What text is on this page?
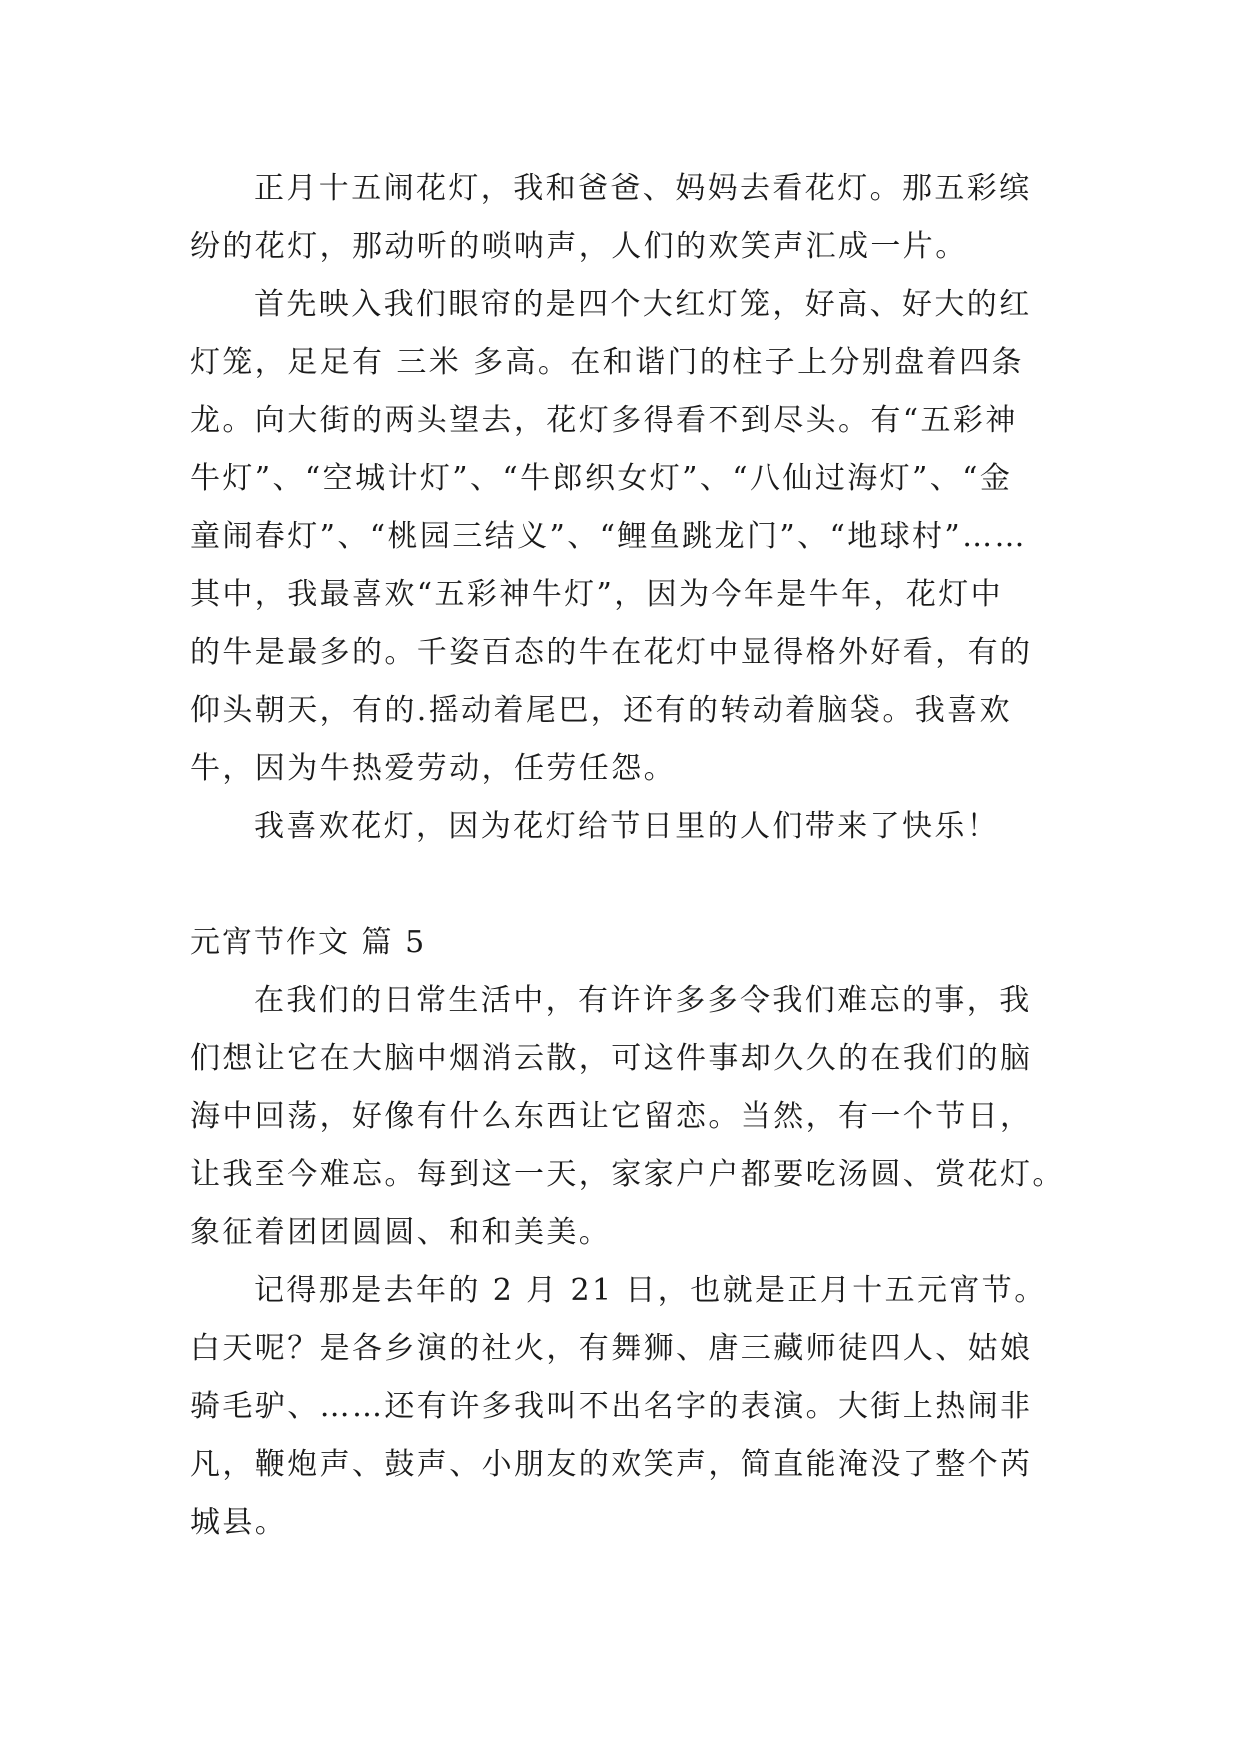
正月十五闹花灯，我和爸爸、妈妈去看花灯。那五彩缤
纷的花灯，那动听的唢呐声，人们的欢笑声汇成一片。
首先映入我们眼帘的是四个大红灯笼，好高、好大的红
灯笼，足足有 三米 多高。在和谐门的柱子上分别盘着四条
龙。向大街的两头望去，花灯多得看不到尽头。有“五彩神
牛灯”、“空城计灯”、“牛郎织女灯”、“八仙过海灯”、“金
童闹春灯”、“桃园三结义”、“鲤鱼跳龙门”、“地球村”……
其中，我最喜欢“五彩神牛灯”，因为今年是牛年，花灯中
的牛是最多的。千姿百态的牛在花灯中显得格外好看，有的
仰头朝天，有的.摇动着尾巴，还有的转动着脑袋。我喜欢
牛，因为牛热爱劳动，任劳任怨。
我喜欢花灯，因为花灯给节日里的人们带来了快乐！
元宵节作文 篇 5
在我们的日常生活中，有许许多多令我们难忘的事，我
们想让它在大脑中烟消云散，可这件事却久久的在我们的脑
海中回荡，好像有什么东西让它留恋。当然，有一个节日，
让我至今难忘。每到这一天，家家户户都要吃汤圆、赏花灯。
象征着团团圆圆、和和美美。
记得那是去年的 2 月 21 日，也就是正月十五元宵节。
白天呢？是各乡演的社火，有舞狮、唐三藏师徒四人、姑娘
骑毛驴、……还有许多我叫不出名字的表演。大街上热闹非
凡，鞭炮声、鼓声、小朋友的欢笑声，简直能淹没了整个芮
城县。
